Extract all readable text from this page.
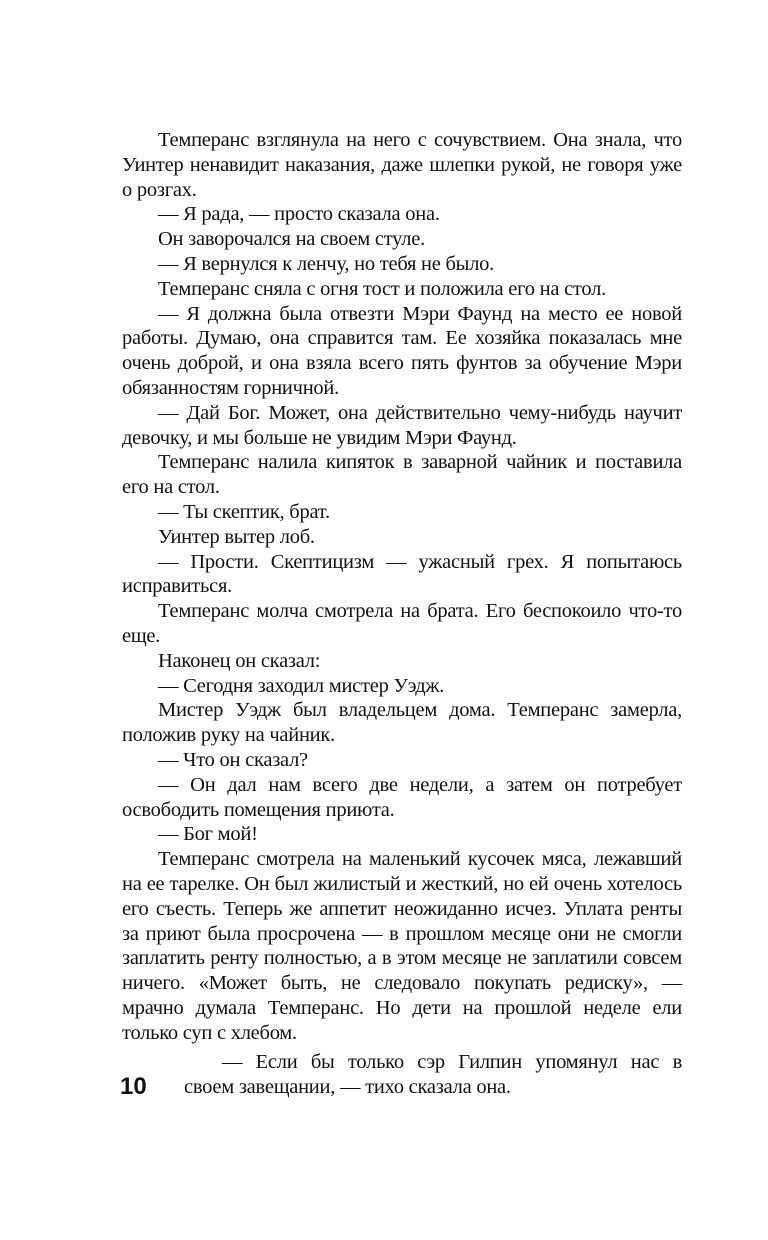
Темперанс взглянула на него с сочувствием. Она знала, что Уинтер ненавидит наказания, даже шлепки рукой, не говоря уже о розгах.

— Я рада, — просто сказала она.

Он заворочался на своем стуле.

— Я вернулся к ленчу, но тебя не было.

Темперанс сняла с огня тост и положила его на стол.

— Я должна была отвезти Мэри Фаунд на место ее новой работы. Думаю, она справится там. Ее хозяйка показалась мне очень доброй, и она взяла всего пять фунтов за обучение Мэри обязанностям горничной.

— Дай Бог. Может, она действительно чему-нибудь научит девочку, и мы больше не увидим Мэри Фаунд.

Темперанс налила кипяток в заварной чайник и поставила его на стол.

— Ты скептик, брат.

Уинтер вытер лоб.

— Прости. Скептицизм — ужасный грех. Я попытаюсь исправиться.

Темперанс молча смотрела на брата. Его беспокоило что-то еще.

Наконец он сказал:

— Сегодня заходил мистер Уэдж.

Мистер Уэдж был владельцем дома. Темперанс замерла, положив руку на чайник.

— Что он сказал?

— Он дал нам всего две недели, а затем он потребует освободить помещения приюта.

— Бог мой!

Темперанс смотрела на маленький кусочек мяса, лежавший на ее тарелке. Он был жилистый и жесткий, но ей очень хотелось его съесть. Теперь же аппетит неожиданно исчез. Уплата ренты за приют была просрочена — в прошлом месяце они не смогли заплатить ренту полностью, а в этом месяце не заплатили совсем ничего. «Может быть, не следовало покупать редиску», — мрачно думала Темперанс. Но дети на прошлой неделе ели только суп с хлебом.

— Если бы только сэр Гилпин упомянул нас в

своем завещании, — тихо сказала она.

10
